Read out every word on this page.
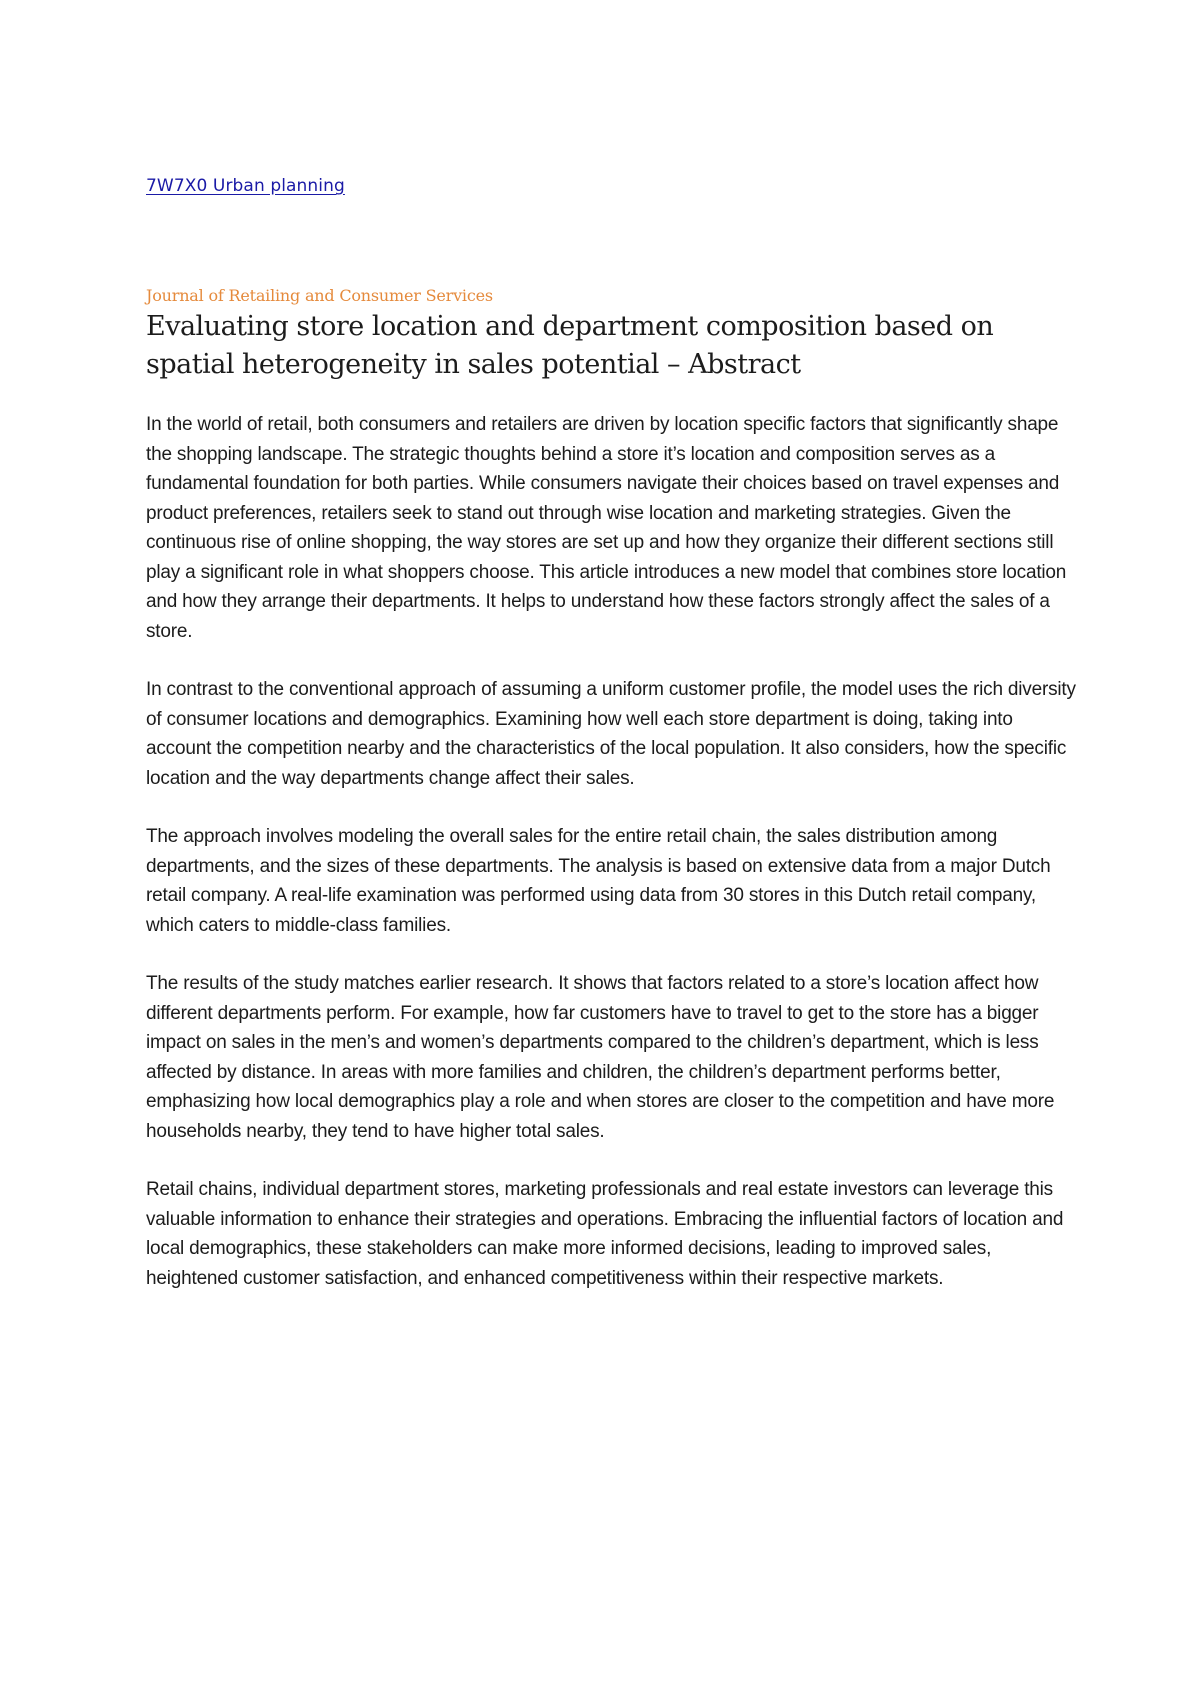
7W7X0 Urban planning
Journal of Retailing and Consumer Services
Evaluating store location and department composition based on spatial heterogeneity in sales potential – Abstract

In the world of retail, both consumers and retailers are driven by location specific factors that significantly shape the shopping landscape. The strategic thoughts behind a store it’s location and composition serves as a fundamental foundation for both parties. While consumers navigate their choices based on travel expenses and product preferences, retailers seek to stand out through wise location and marketing strategies. Given the continuous rise of online shopping, the way stores are set up and how they organize their different sections still play a significant role in what shoppers choose. This article introduces a new model that combines store location and how they arrange their departments. It helps to understand how these factors strongly affect the sales of a store.

In contrast to the conventional approach of assuming a uniform customer profile, the model uses the rich diversity of consumer locations and demographics. Examining how well each store department is doing, taking into account the competition nearby and the characteristics of the local population. It also considers, how the specific location and the way departments change affect their sales.

The approach involves modeling the overall sales for the entire retail chain, the sales distribution among departments, and the sizes of these departments. The analysis is based on extensive data from a major Dutch retail company. A real-life examination was performed using data from 30 stores in this Dutch retail company, which caters to middle-class families.

The results of the study matches earlier research. It shows that factors related to a store’s location affect how different departments perform. For example, how far customers have to travel to get to the store has a bigger impact on sales in the men’s and women’s departments compared to the children’s department, which is less affected by distance. In areas with more families and children, the children’s department performs better, emphasizing how local demographics play a role and when stores are closer to the competition and have more households nearby, they tend to have higher total sales.

Retail chains, individual department stores, marketing professionals and real estate investors can leverage this valuable information to enhance their strategies and operations. Embracing the influential factors of location and local demographics, these stakeholders can make more informed decisions, leading to improved sales, heightened customer satisfaction, and enhanced competitiveness within their respective markets.
